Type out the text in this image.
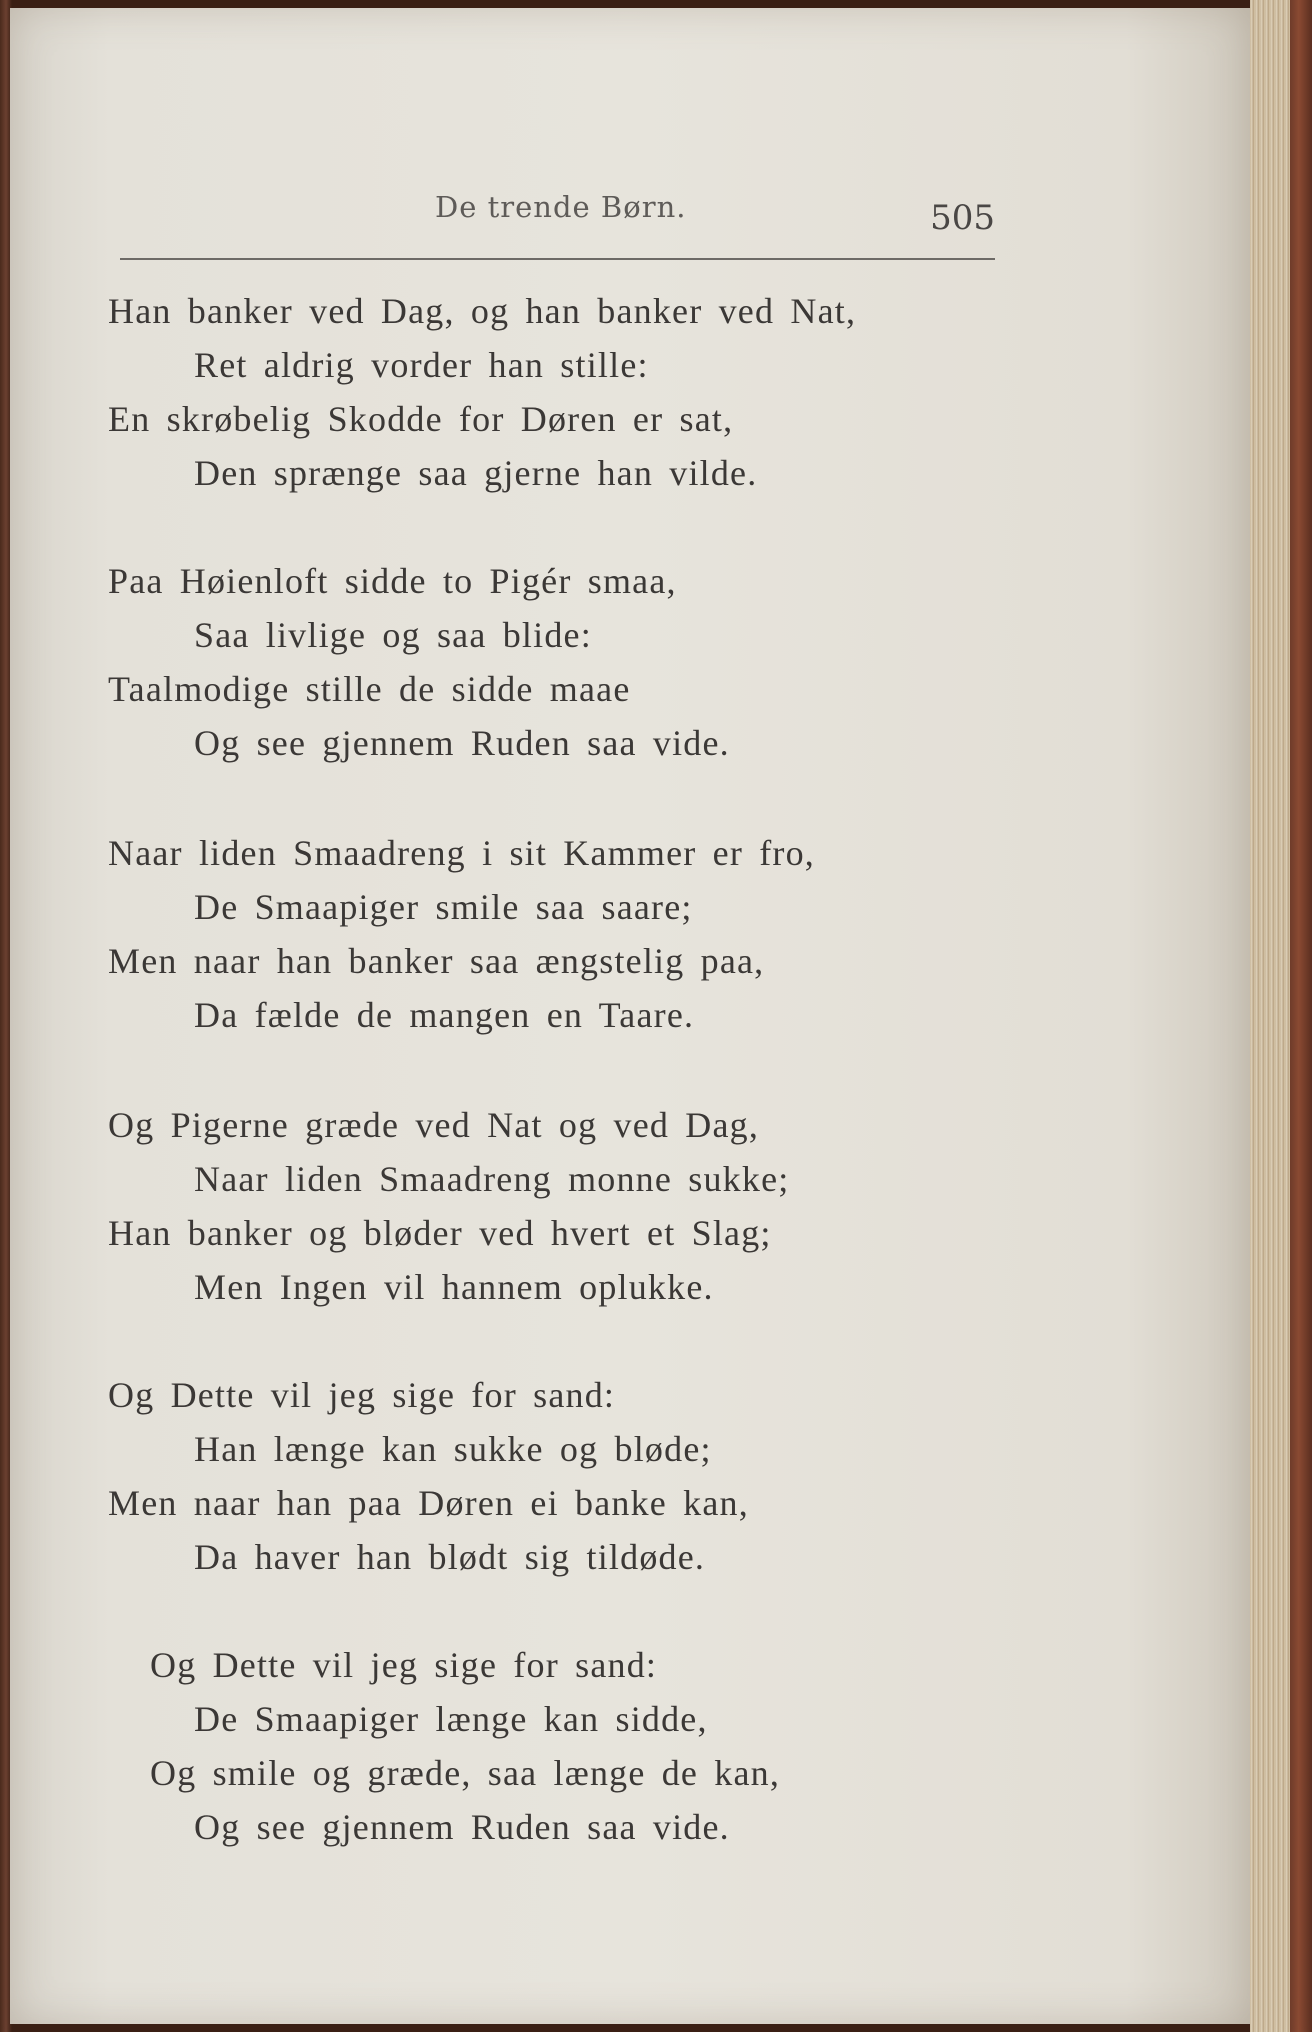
De trende Børn.	505
Han banker ved Dag, og han banker ved Nat,
Ret aldrig vorder han stille:
En skrøbelig Skodde for Døren er sat,
Den sprænge saa gjerne han vilde.
Paa Høienloft sidde to Pigér smaa,
Saa livlige og saa blide:
Taalmodige stille de sidde maae
Og see gjennem Ruden saa vide.
Naar liden Smaadreng i sit Kammer er fro,
De Smaapiger smile saa saare;
Men naar han banker saa ængstelig paa,
Da fælde de mangen en Taare.
Og Pigerne græde ved Nat og ved Dag,
Naar liden Smaadreng monne sukke;
Han banker og bløder ved hvert et Slag;
Men Ingen vil hannem oplukke.
Og Dette vil jeg sige for sand:
Han længe kan sukke og bløde;
Men naar han paa Døren ei banke kan,
Da haver han blødt sig tildøde.
Og Dette vil jeg sige for sand:
De Smaapiger længe kan sidde,
Og smile og græde, saa længe de kan,
Og see gjennem Ruden saa vide.
